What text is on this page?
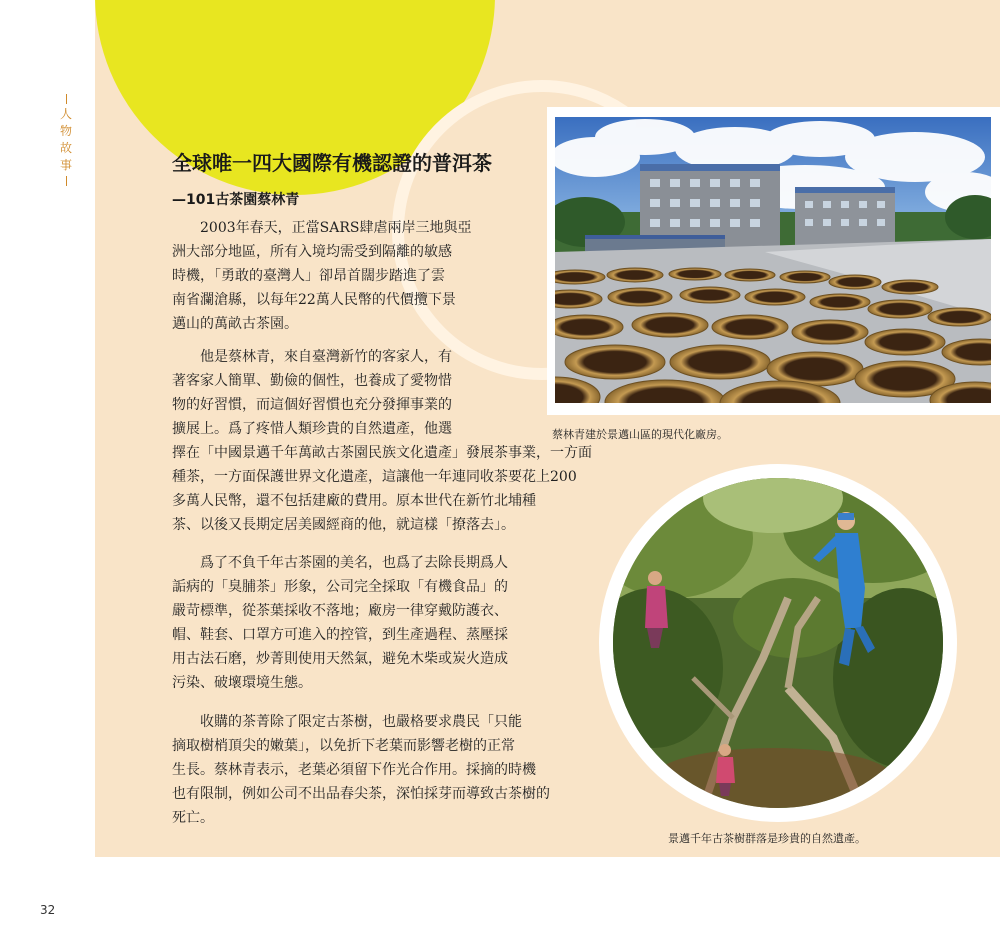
人物故事
32
全球唯一四大國際有機認證的普洱茶
—101古茶園蔡林青
蔡林青建於景邁山區的現代化廠房。
景邁千年古茶樹群落是珍貴的自然遺產。
2003年春天，正當SARS肆虐兩岸三地與亞
洲大部分地區，所有入境均需受到隔離的敏感
時機，「勇敢的臺灣人」卻昂首闊步踏進了雲
南省瀾滄縣，以每年22萬人民幣的代價攬下景
邁山的萬畝古茶園。
他是蔡林青，來自臺灣新竹的客家人，有
著客家人簡單、勤儉的個性，也養成了愛物惜
物的好習慣，而這個好習慣也充分發揮事業的
擴展上。爲了疼惜人類珍貴的自然遺產，他選
擇在「中國景邁千年萬畝古茶園民族文化遺產」發展茶事業，一方面
種茶，一方面保護世界文化遺產，這讓他一年連同收茶要花上200
多萬人民幣，還不包括建廠的費用。原本世代在新竹北埔種
茶、以後又長期定居美國經商的他，就這樣「撩落去」。
爲了不負千年古茶園的美名，也爲了去除長期爲人
詬病的「臭脯茶」形象，公司完全採取「有機食品」的
嚴苛標準，從茶葉採收不落地；廠房一律穿戴防護衣、
帽、鞋套、口罩方可進入的控管，到生產過程、蒸壓採
用古法石磨，炒菁則使用天然氣，避免木柴或炭火造成
污染、破壞環境生態。
收購的茶菁除了限定古茶樹，也嚴格要求農民「只能
摘取樹梢頂尖的嫩葉」，以免折下老葉而影響老樹的正常
生長。蔡林青表示，老葉必須留下作光合作用。採摘的時機
也有限制，例如公司不出品春尖茶，深怕採芽而導致古茶樹的
死亡。
